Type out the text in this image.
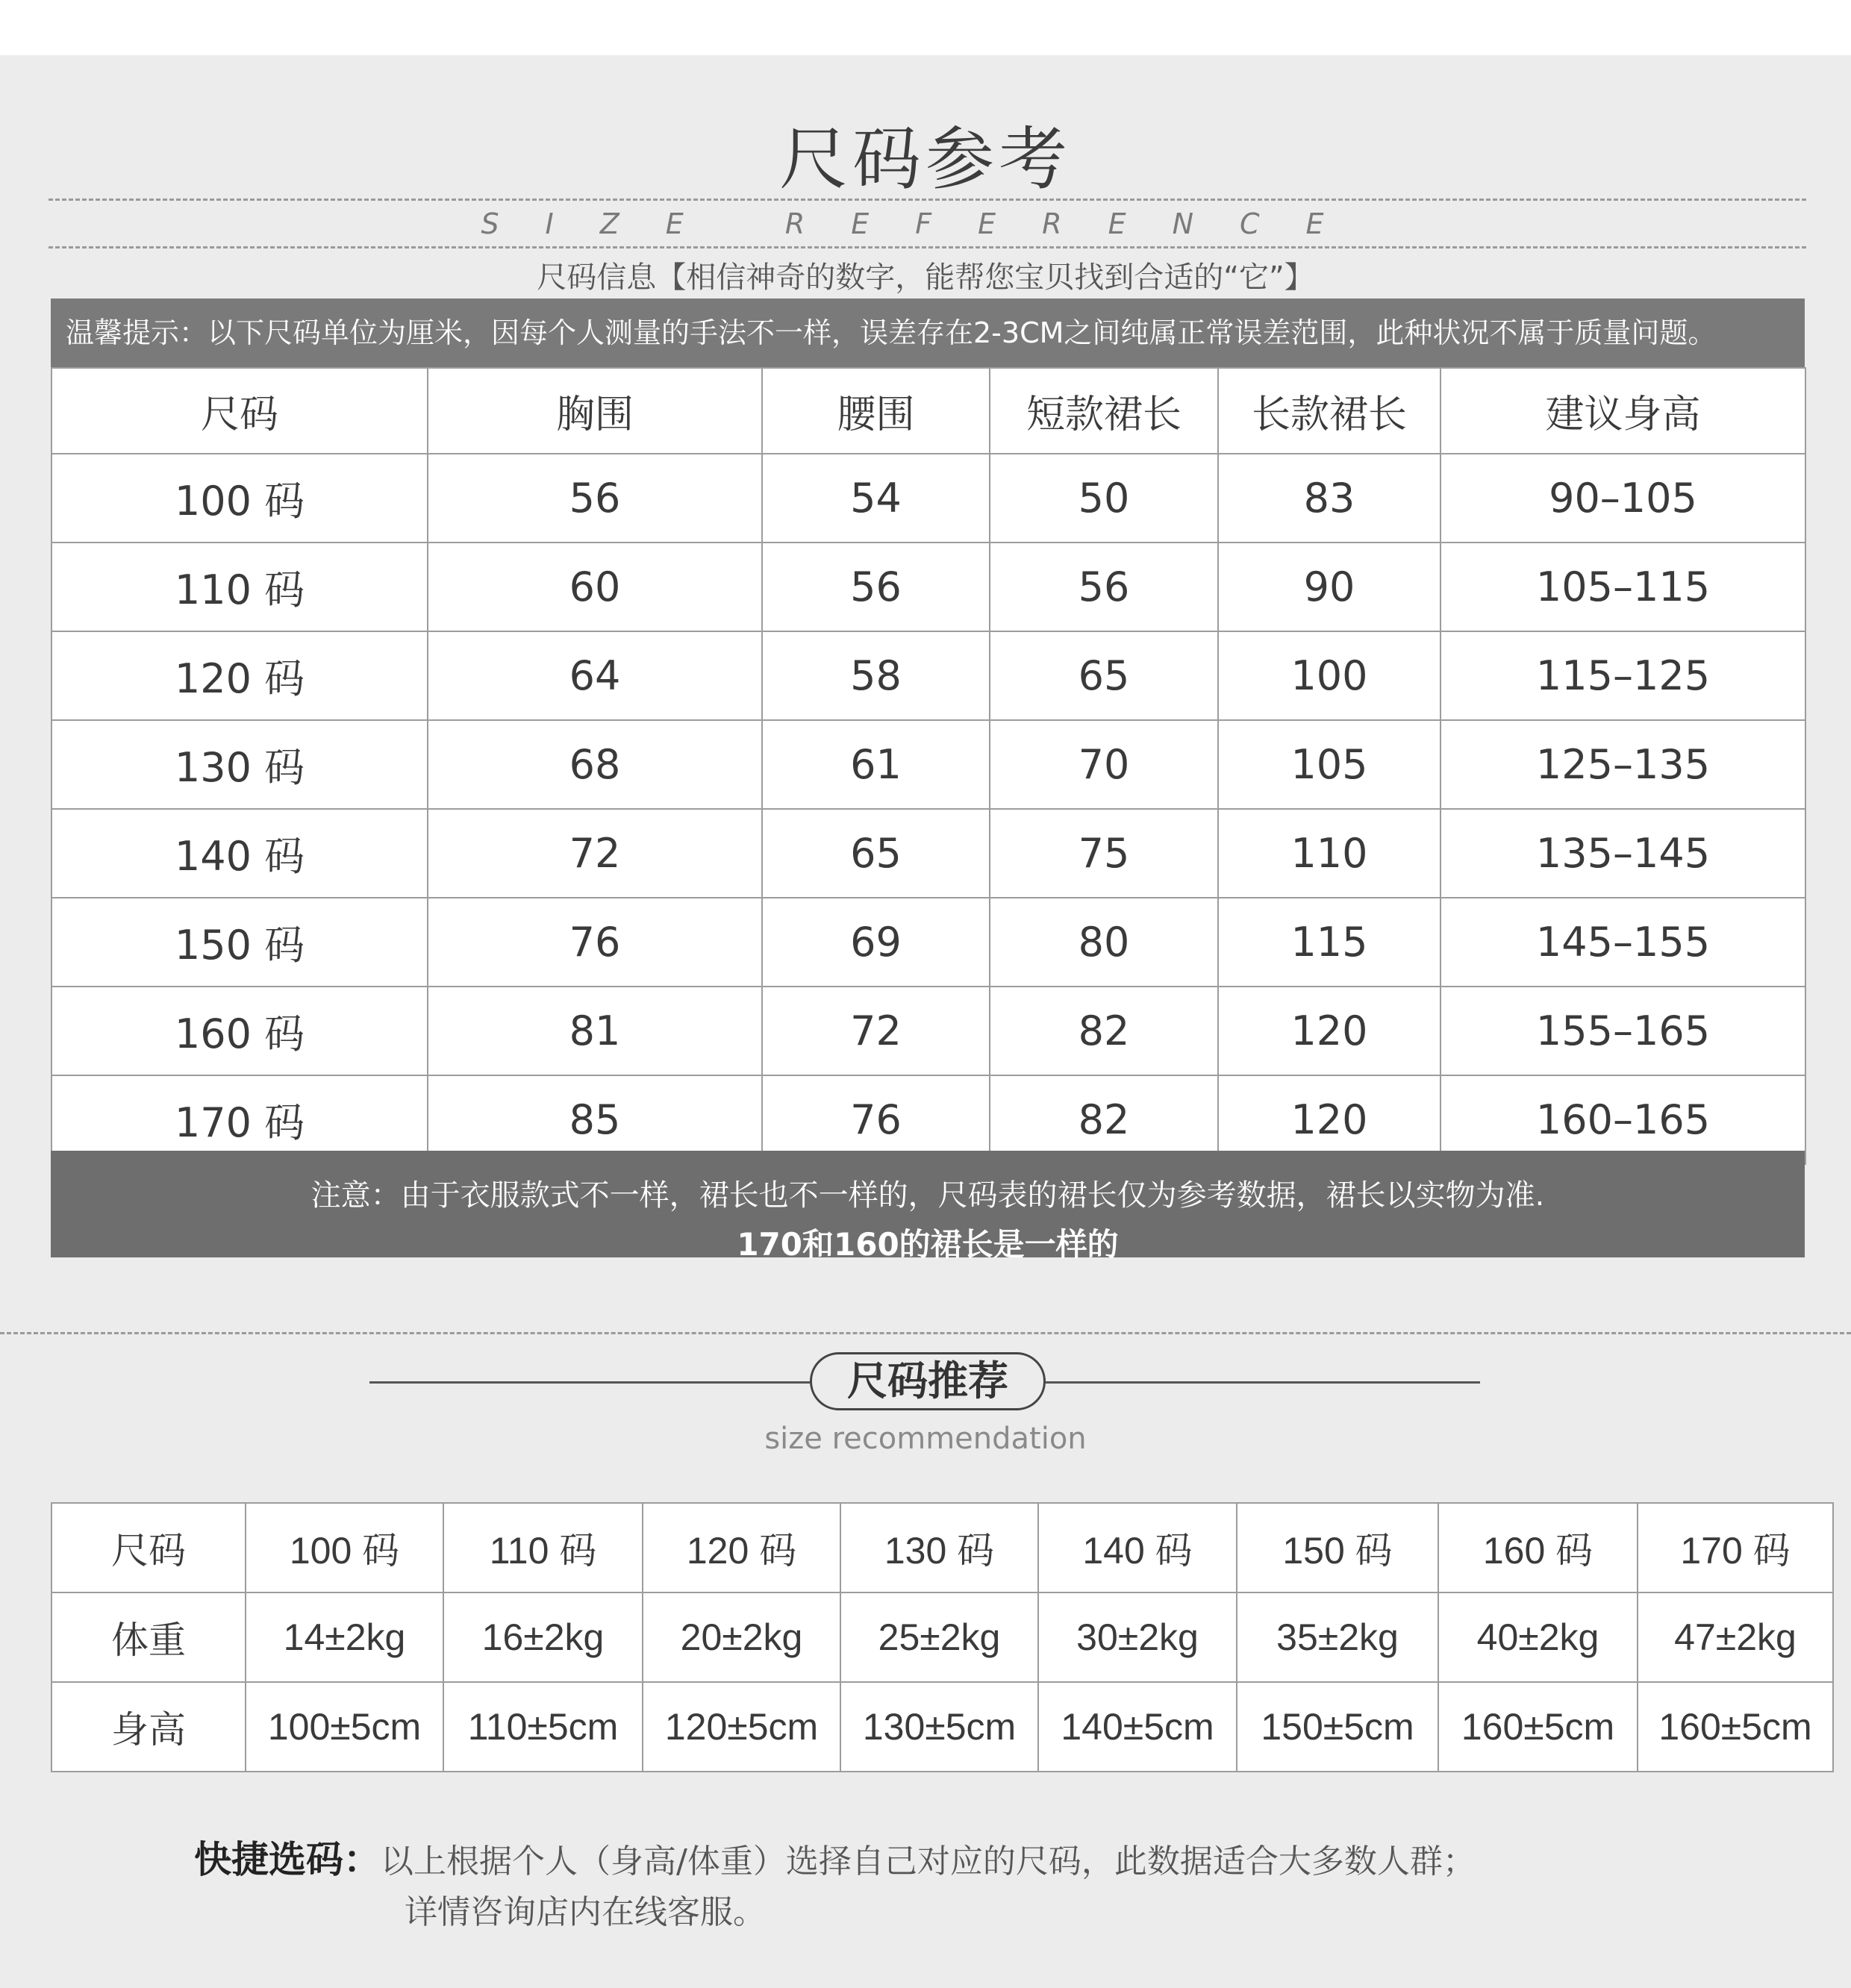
尺码参考
SIZE REFERENCE
尺码信息【相信神奇的数字，能帮您宝贝找到合适的“它”】
温馨提示：以下尺码单位为厘米，因每个人测量的手法不一样，误差存在2-3CM之间纯属正常误差范围，此种状况不属于质量问题。
尺码	胸围	腰围	短款裙长	长款裙长	建议身高
100 码	56	54	50	83	90–105
110 码	60	56	56	90	105–115
120 码	64	58	65	100	115–125
130 码	68	61	70	105	125–135
140 码	72	65	75	110	135–145
150 码	76	69	80	115	145–155
160 码	81	72	82	120	155–165
170 码	85	76	82	120	160–165
注意：由于衣服款式不一样，裙长也不一样的，尺码表的裙长仅为参考数据，裙长以实物为准.
170和160的裙长是一样的
尺码推荐
size recommendation
尺码	100 码	110 码	120 码	130 码	140 码	150 码	160 码	170 码
体重	14±2kg	16±2kg	20±2kg	25±2kg	30±2kg	35±2kg	40±2kg	47±2kg
身高	100±5cm	110±5cm	120±5cm	130±5cm	140±5cm	150±5cm	160±5cm	160±5cm
快捷选码：以上根据个人（身高/体重）选择自己对应的尺码，此数据适合大多数人群；
详情咨询店内在线客服。
